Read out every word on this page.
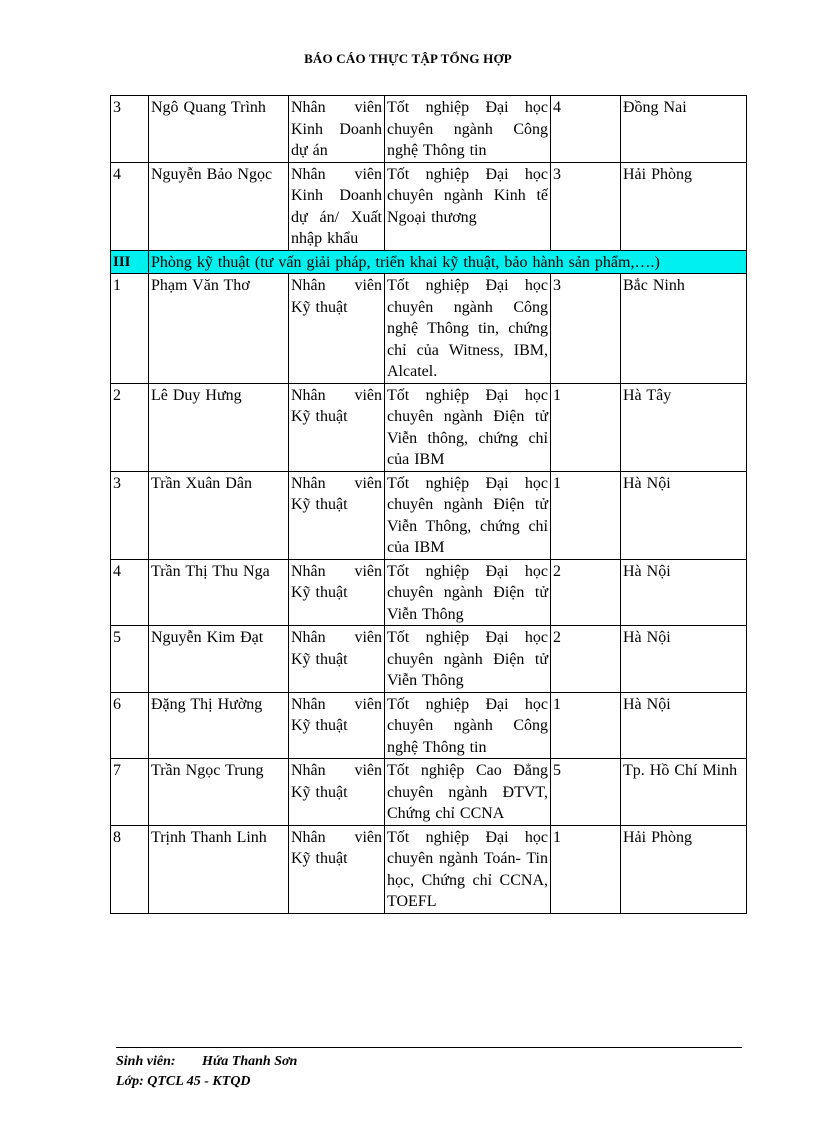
BÁO CÁO THỰC TẬP TỔNG HỢP
3	Ngô Quang Trình	Nhân viên Kinh Doanh dự án	Tốt nghiệp Đại học chuyên ngành Công nghệ Thông tin	4	Đồng Nai
4	Nguyễn Bảo Ngọc	Nhân viên Kinh Doanh dự án/ Xuất nhập khẩu	Tốt nghiệp Đại học chuyên ngành Kinh tế Ngoại thương	3	Hải Phòng
III	Phòng kỹ thuật (tư vấn giải pháp, triển khai kỹ thuật, bảo hành sản phẩm,….)				
1	Phạm Văn Thơ	Nhân viên Kỹ thuật	Tốt nghiệp Đại học chuyên ngành Công nghệ Thông tin, chứng chỉ của Witness, IBM, Alcatel.	3	Bắc Ninh
2	Lê Duy Hưng	Nhân viên Kỹ thuật	Tốt nghiệp Đại học chuyên ngành Điện tử Viễn thông, chứng chỉ của IBM	1	Hà Tây
3	Trần Xuân Dân	Nhân viên Kỹ thuật	Tốt nghiệp Đại học chuyên ngành Điện tử Viễn Thông, chứng chỉ của IBM	1	Hà Nội
4	Trần Thị Thu Nga	Nhân viên Kỹ thuật	Tốt nghiệp Đại học chuyên ngành Điện tử Viễn Thông	2	Hà Nội
5	Nguyễn Kim Đạt	Nhân viên Kỹ thuật	Tốt nghiệp Đại học chuyên ngành Điện tử Viễn Thông	2	Hà Nội
6	Đặng Thị Hường	Nhân viên Kỹ thuật	Tốt nghiệp Đại học chuyên ngành Công nghệ Thông tin	1	Hà Nội
7	Trần Ngọc Trung	Nhân viên Kỹ thuật	Tốt nghiệp Cao Đẳng chuyên ngành ĐTVT, Chứng chỉ CCNA	5	Tp. Hồ Chí Minh
8	Trịnh Thanh Linh	Nhân viên Kỹ thuật	Tốt nghiệp Đại học chuyên ngành Toán- Tin học, Chứng chỉ CCNA, TOEFL	1	Hải Phòng
Sinh viên: Hứa Thanh Sơn
Lớp: QTCL 45 - KTQD
